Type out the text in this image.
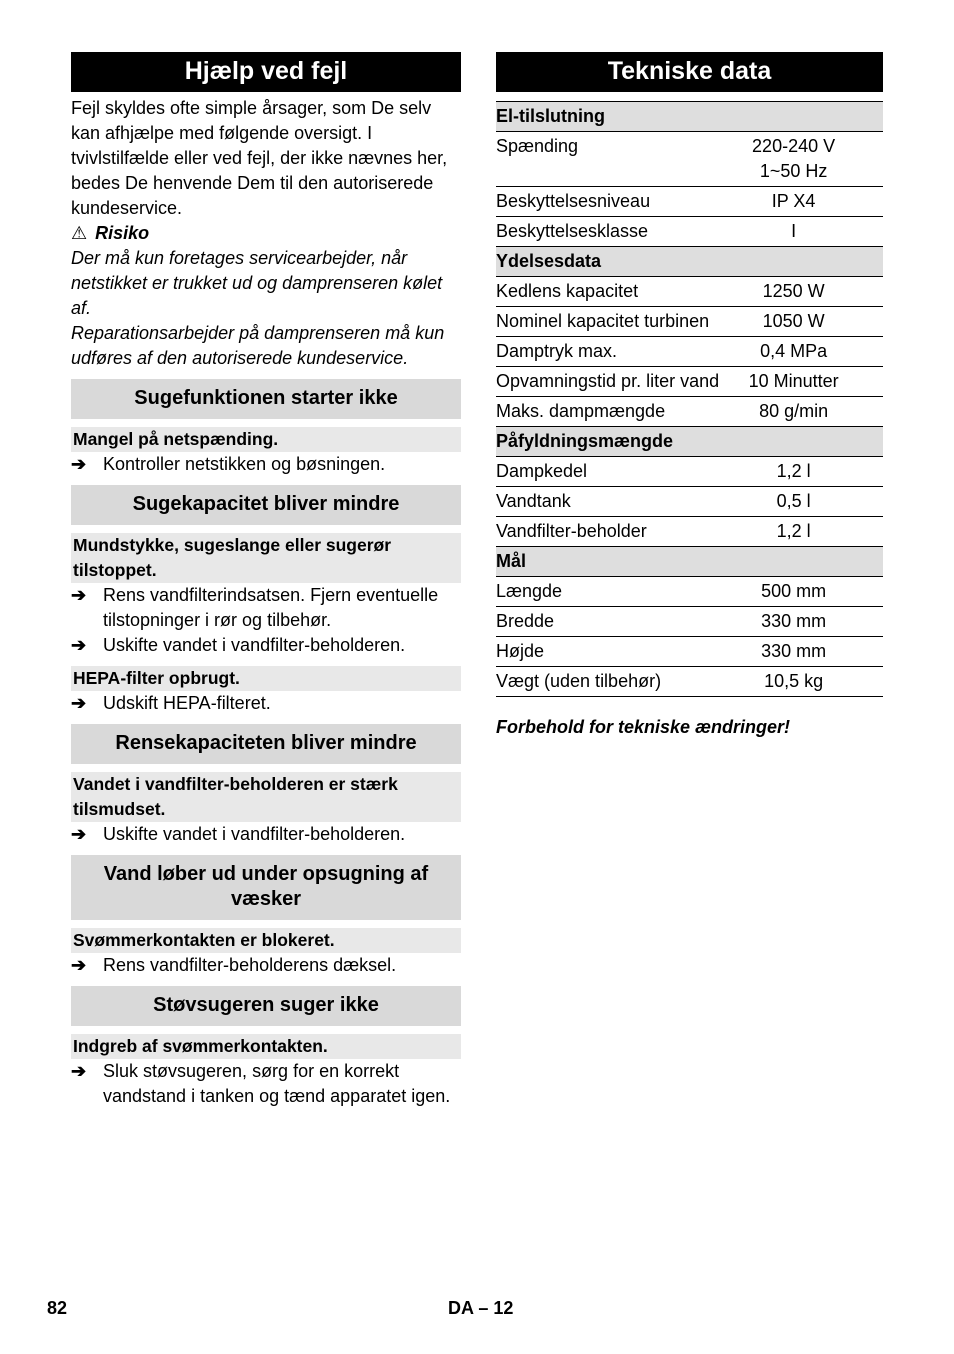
Hjælp ved fejl
Fejl skyldes ofte simple årsager, som De selv kan afhjælpe med følgende oversigt. I tvivlstilfælde eller ved fejl, der ikke nævnes her, bedes De henvende Dem til den autoriserede kundeservice.
⚠ Risiko
Der må kun foretages servicearbejder, når netstikket er trukket ud og damprenseren kølet af.
Reparationsarbejder på damprenseren må kun udføres af den autoriserede kundeservice.
Sugefunktionen starter ikke
Mangel på netspænding.
➔ Kontroller netstikken og bøsningen.
Sugekapacitet bliver mindre
Mundstykke, sugeslange eller sugerør tilstoppet.
➔ Rens vandfilterindsatsen. Fjern eventuelle tilstopninger i rør og tilbehør.
➔ Uskifte vandet i vandfilter-beholderen.
HEPA-filter opbrugt.
➔ Udskift HEPA-filteret.
Rensekapaciteten bliver mindre
Vandet i vandfilter-beholderen er stærk tilsmudset.
➔ Uskifte vandet i vandfilter-beholderen.
Vand løber ud under opsugning af væsker
Svømmerkontakten er blokeret.
➔ Rens vandfilter-beholderens dæksel.
Støvsugeren suger ikke
Indgreb af svømmerkontakten.
➔ Sluk støvsugeren, sørg for en korrekt vandstand i tanken og tænd apparatet igen.
Tekniske data
El-tilslutning	
Spænding	220-240 V
1~50 Hz
Beskyttelsesniveau	IP X4
Beskyttelsesklasse	I
Ydelsesdata	
Kedlens kapacitet	1250 W
Nominel kapacitet turbinen	1050 W
Damptryk max.	0,4 MPa
Opvamningstid pr. liter vand	10 Minutter
Maks. dampmængde	80 g/min
Påfyldningsmængde	
Dampkedel	1,2 l
Vandtank	0,5 l
Vandfilter-beholder	1,2 l
Mål	
Længde	500 mm
Bredde	330 mm
Højde	330 mm
Vægt (uden tilbehør)	10,5 kg
Forbehold for tekniske ændringer!
82	DA – 12
